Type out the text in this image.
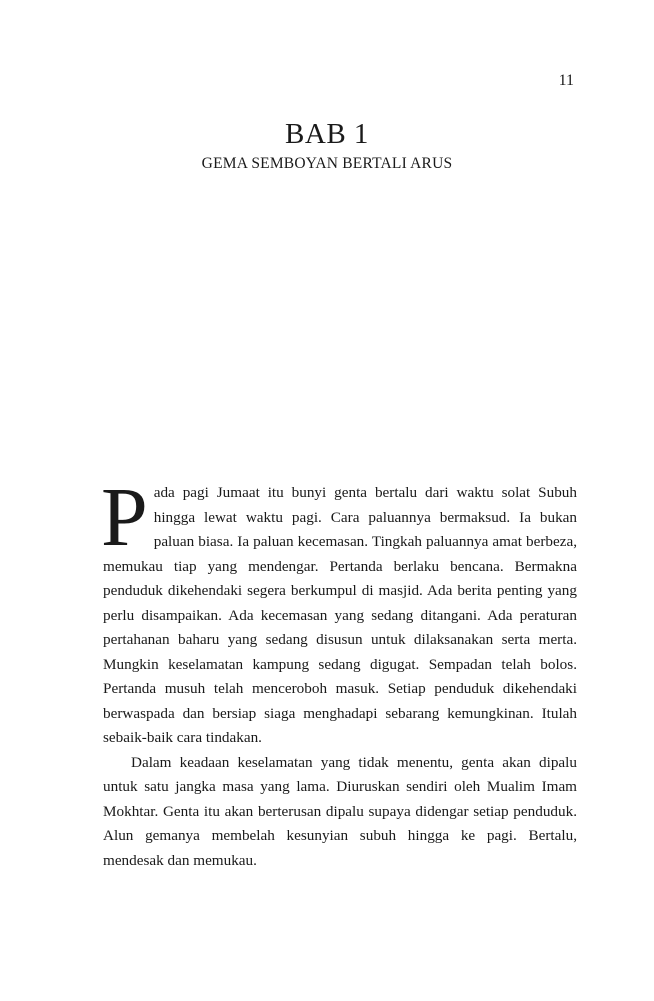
11
BAB 1
GEMA SEMBOYAN BERTALI ARUS

Pada pagi Jumaat itu bunyi genta bertalu dari waktu solat Subuh hingga lewat waktu pagi. Cara paluannya bermaksud. Ia bukan paluan biasa. Ia paluan kecemasan. Tingkah paluannya amat berbeza, memukau tiap yang mendengar. Pertanda berlaku bencana. Bermakna penduduk dikehendaki segera berkumpul di masjid. Ada berita penting yang perlu disampaikan. Ada kecemasan yang sedang ditangani. Ada peraturan pertahanan baharu yang sedang disusun untuk dilaksanakan serta merta. Mungkin keselamatan kampung sedang digugat. Sempadan telah bolos. Pertanda musuh telah menceroboh masuk. Setiap penduduk dikehendaki berwaspada dan bersiap siaga menghadapi sebarang kemungkinan. Itulah sebaik-baik cara tindakan.

Dalam keadaan keselamatan yang tidak menentu, genta akan dipalu untuk satu jangka masa yang lama. Diuruskan sendiri oleh Mualim Imam Mokhtar. Genta itu akan berterusan dipalu supaya didengar setiap penduduk. Alun gemanya membelah kesunyian subuh hingga ke pagi. Bertalu, mendesak dan memukau.
